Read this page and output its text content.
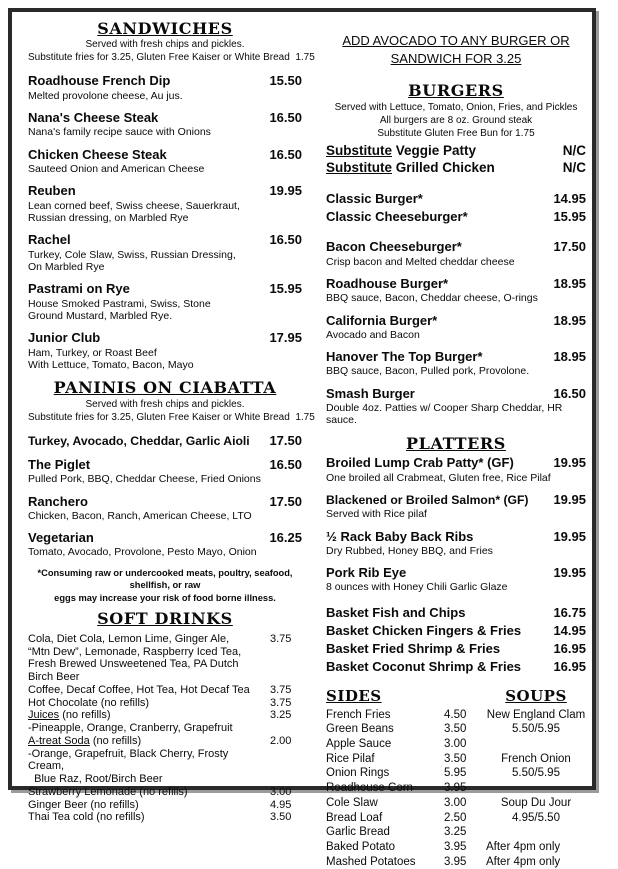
SANDWICHES
Served with fresh chips and pickles.
Substitute fries for 3.25, Gluten Free Kaiser or White Bread  1.75
Roadhouse French Dip	15.50
Melted provolone cheese, Au jus.
Nana's Cheese Steak	16.50
Nana's family recipe sauce with Onions
Chicken Cheese Steak	16.50
Sauteed Onion and American Cheese
Reuben	19.95
Lean corned beef, Swiss cheese, Sauerkraut,
Russian dressing, on Marbled Rye
Rachel	16.50
Turkey, Cole Slaw, Swiss, Russian Dressing,
On Marbled Rye
Pastrami on Rye	15.95
House Smoked Pastrami, Swiss, Stone
Ground Mustard, Marbled Rye.
Junior Club	17.95
Ham, Turkey, or Roast Beef
With Lettuce, Tomato, Bacon, Mayo
PANINIS ON CIABATTA
Served with fresh chips and pickles.
Substitute fries for 3.25, Gluten Free Kaiser or White Bread  1.75
Turkey, Avocado, Cheddar, Garlic Aioli 17.50
The Piglet	16.50
Pulled Pork, BBQ, Cheddar Cheese, Fried Onions
Ranchero	17.50
Chicken, Bacon, Ranch, American Cheese, LTO
Vegetarian	16.25
Tomato, Avocado, Provolone, Pesto Mayo, Onion
*Consuming raw or undercooked meats, poultry, seafood, shellfish, or raw
eggs may increase your risk of food borne illness.
SOFT DRINKS
Cola, Diet Cola, Lemon Lime, Ginger Ale,
“Mtn Dew”, Lemonade, Raspberry Iced Tea,
Fresh Brewed Unsweetened Tea, PA Dutch
Birch Beer
3.75
Coffee, Decaf Coffee, Hot Tea, Hot Decaf Tea 3.75
Hot Chocolate (no refills)	3.75
Juices (no refills)	3.25
-Pineapple, Orange, Cranberry, Grapefruit
A-treat Soda (no refills)	2.00
-Orange, Grapefruit, Black Cherry, Frosty Cream,
Blue Raz, Root/Birch Beer
Strawberry Lemonade (no refills)	3.00
Ginger Beer (no refills)	4.95
Thai Tea cold (no refills)	3.50
ADD AVOCADO TO ANY BURGER OR
SANDWICH FOR 3.25
BURGERS
Served with Lettuce, Tomato, Onion, Fries, and Pickles
All burgers are 8 oz. Ground steak
Substitute Gluten Free Bun for 1.75
Substitute Veggie Patty	N/C
Substitute Grilled Chicken	N/C
Classic Burger*	14.95
Classic Cheeseburger*	15.95
Bacon Cheeseburger*	17.50
Crisp bacon and Melted cheddar cheese
Roadhouse Burger*	18.95
BBQ sauce, Bacon, Cheddar cheese, O-rings
California Burger*	18.95
Avocado and Bacon
Hanover The Top Burger*	18.95
BBQ sauce, Bacon, Pulled pork, Provolone.
Smash Burger	16.50
Double 4oz. Patties w/ Cooper Sharp Cheddar, HR sauce.
PLATTERS
Broiled Lump Crab Patty* (GF)	19.95
One broiled all Crabmeat, Gluten free, Rice Pilaf
Blackened or Broiled Salmon* (GF) 19.95
Served with Rice pilaf
½ Rack Baby Back Ribs	19.95
Dry Rubbed, Honey BBQ, and Fries
Pork Rib Eye	19.95
8 ounces with Honey Chili Garlic Glaze
Basket Fish and Chips	16.75
Basket Chicken Fingers & Fries 14.95
Basket Fried Shrimp & Fries	16.95
Basket Coconut Shrimp & Fries 16.95
SIDES	SOUPS
French Fries	4.50	New England Clam
Green Beans	3.50	5.50/5.95
Apple Sauce	3.00
Rice Pilaf	3.50	French Onion
Onion Rings	5.95	5.50/5.95
Roadhouse Corn	3.95
Cole Slaw	3.00	Soup Du Jour
Bread Loaf	2.50	4.95/5.50
Garlic Bread	3.25
Baked Potato	3.95	After 4pm only
Mashed Potatoes	3.95	After 4pm only
